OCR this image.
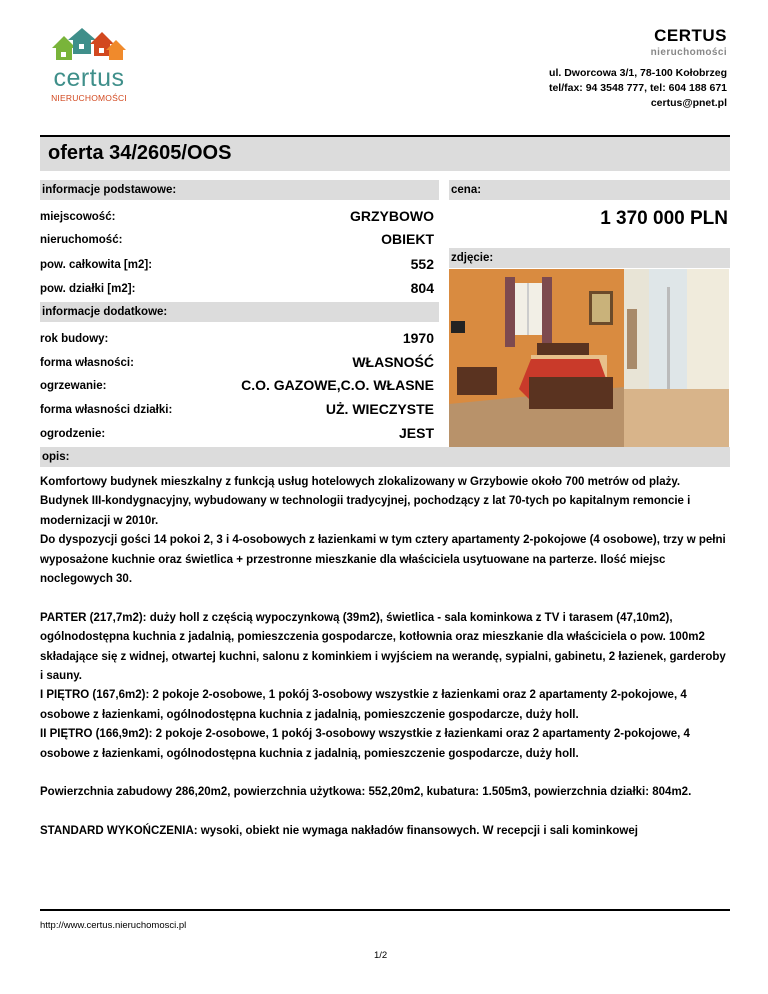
certus
NIERUCHOMOŚCI
CERTUS
nieruchomości
ul. Dworcowa 3/1, 78-100 Kołobrzeg
tel/fax: 94 3548 777, tel: 604 188 671
certus@pnet.pl
oferta 34/2605/OOS
informacje podstawowe:	cena:
1 370 000 PLN
zdjęcie:
miejscowość:	GRZYBOWO
nieruchomość:	OBIEKT
pow. całkowita [m2]:	552
pow. działki [m2]:	804
informacje dodatkowe:
rok budowy:	1970
forma własności:	WŁASNOŚĆ
ogrzewanie:	C.O. GAZOWE,C.O. WŁASNE
forma własności działki:	UŻ. WIECZYSTE
ogrodzenie:	JEST
opis:

Komfortowy budynek mieszkalny z funkcją usług hotelowych zlokalizowany w Grzybowie około 700 metrów od plaży. Budynek III-kondygnacyjny, wybudowany w technologii tradycyjnej, pochodzący z lat 70-tych po kapitalnym remoncie i modernizacji w 2010r.
Do dyspozycji gości 14 pokoi 2, 3 i 4-osobowych z łazienkami w tym cztery apartamenty 2-pokojowe (4 osobowe), trzy w pełni wyposażone kuchnie oraz świetlica + przestronne mieszkanie dla właściciela usytuowane na parterze. Ilość miejsc noclegowych 30.

PARTER (217,7m2): duży holl z częścią wypoczynkową (39m2), świetlica - sala kominkowa z TV i tarasem (47,10m2), ogólnodostępna kuchnia z jadalnią, pomieszczenia gospodarcze, kotłownia oraz mieszkanie dla właściciela o pow. 100m2 składające się z widnej, otwartej kuchni, salonu z kominkiem i wyjściem na werandę, sypialni, gabinetu, 2 łazienek, garderoby i sauny.
I PIĘTRO (167,6m2): 2 pokoje 2-osobowe, 1 pokój 3-osobowy wszystkie z łazienkami oraz 2 apartamenty 2-pokojowe, 4 osobowe z łazienkami, ogólnodostępna kuchnia z jadalnią, pomieszczenie gospodarcze, duży holl.
II PIĘTRO (166,9m2): 2 pokoje 2-osobowe, 1 pokój 3-osobowy wszystkie z łazienkami oraz 2 apartamenty 2-pokojowe, 4 osobowe z łazienkami, ogólnodostępna kuchnia z jadalnią, pomieszczenie gospodarcze, duży holl.

Powierzchnia zabudowy 286,20m2, powierzchnia użytkowa: 552,20m2, kubatura: 1.505m3, powierzchnia działki: 804m2.

STANDARD WYKOŃCZENIA: wysoki, obiekt nie wymaga nakładów finansowych. W recepcji i sali kominkowej

http://www.certus.nieruchomosci.pl
1/2
